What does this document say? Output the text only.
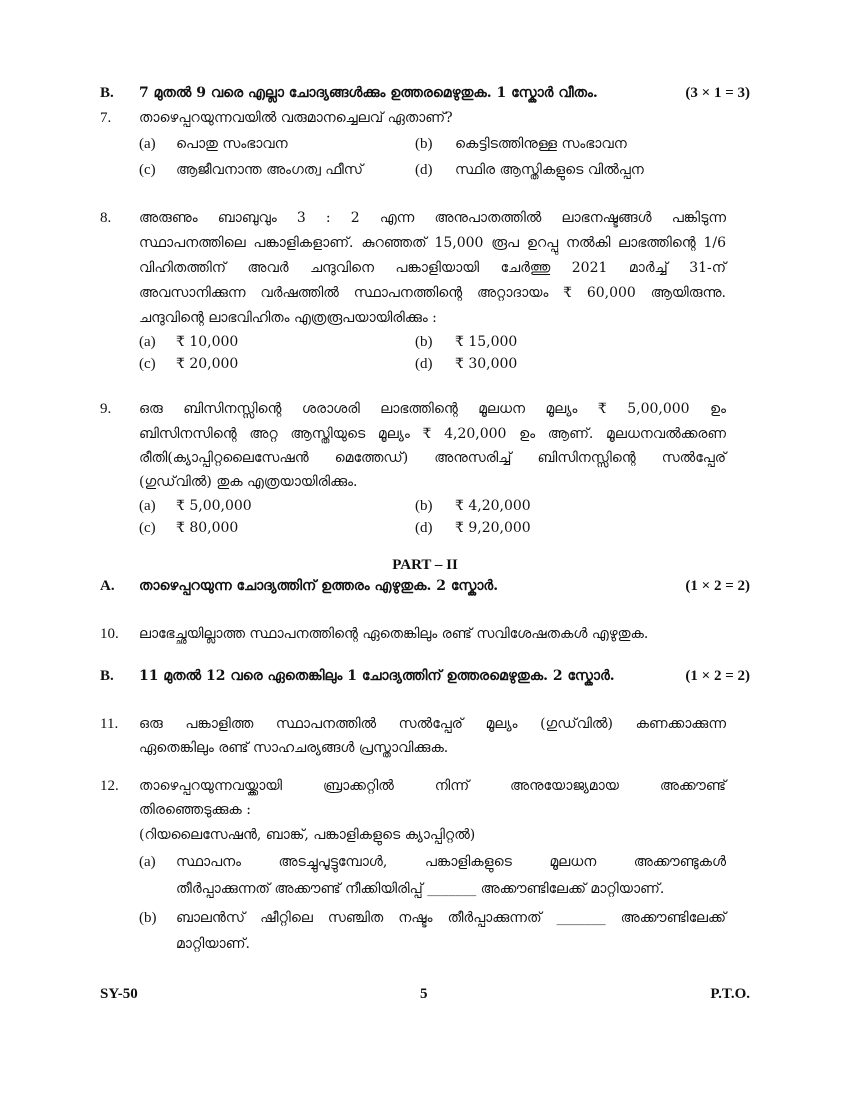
B. 7 മുതൽ 9 വരെ എല്ലാ ചോദ്യങ്ങൾക്കും ഉത്തരമെഴുതുക. 1 സ്കോർ വീതം.	(3 × 1 = 3)
7. താഴെപ്പറയുന്നവയിൽ വരുമാനച്ചെലവ് ഏതാണ്?
(a) പൊതു സംഭാവന	(b) കെട്ടിടത്തിനുള്ള സംഭാവന
(c) ആജീവനാന്ത അംഗത്വ ഫീസ്	(d) സ്ഥിര ആസ്തികളുടെ വിൽപ്പന
8. അരുണും ബാബുവും 3 : 2 എന്ന അനുപാതത്തിൽ ലാഭനഷ്ടങ്ങൾ പങ്കിടുന്ന
സ്ഥാപനത്തിലെ പങ്കാളികളാണ്. കുറഞ്ഞത് 15,000 രൂപ ഉറപ്പു നൽകി ലാഭത്തിന്റെ 1/6
വിഹിതത്തിന് അവർ ചന്ദുവിനെ പങ്കാളിയായി ചേർത്തു 2021 മാർച്ച് 31-ന്
അവസാനിക്കുന്ന വർഷത്തിൽ സ്ഥാപനത്തിന്റെ അറ്റാദായം ₹ 60,000 ആയിരുന്നു.
ചന്ദുവിന്റെ ലാഭവിഹിതം എത്രരൂപയായിരിക്കും :
(a) ₹ 10,000	(b) ₹ 15,000
(c) ₹ 20,000	(d) ₹ 30,000
9. ഒരു ബിസിനസ്സിന്റെ ശരാശരി ലാഭത്തിന്റെ മൂലധന മൂല്യം ₹ 5,00,000 ഉം
ബിസിനസിന്റെ അറ്റ ആസ്തിയുടെ മൂല്യം ₹ 4,20,000 ഉം ആണ്. മൂലധനവൽക്കരണ
രീതി(ക്യാപ്പിറ്റലൈസേഷൻ മെത്തേഡ്) അനുസരിച്ച് ബിസിനസ്സിന്റെ സൽപ്പേര്
(ഗുഡ്‌വിൽ) തുക എത്രയായിരിക്കും.
(a) ₹ 5,00,000	(b) ₹ 4,20,000
(c) ₹ 80,000	(d) ₹ 9,20,000
PART – II
A. താഴെപ്പറയുന്ന ചോദ്യത്തിന് ഉത്തരം എഴുതുക. 2 സ്കോർ.	(1 × 2 = 2)
10. ലാഭേച്ഛയില്ലാത്ത സ്ഥാപനത്തിന്റെ ഏതെങ്കിലും രണ്ട് സവിശേഷതകൾ എഴുതുക.
B. 11 മുതൽ 12 വരെ ഏതെങ്കിലും 1 ചോദ്യത്തിന് ഉത്തരമെഴുതുക. 2 സ്കോർ.	(1 × 2 = 2)
11. ഒരു പങ്കാളിത്ത സ്ഥാപനത്തിൽ സൽപ്പേര് മൂല്യം (ഗുഡ്‌വിൽ) കണക്കാക്കുന്ന
ഏതെങ്കിലും രണ്ട് സാഹചര്യങ്ങൾ പ്രസ്താവിക്കുക.
12. താഴെപ്പറയുന്നവയ്ക്കായി ബ്രാക്കറ്റിൽ നിന്ന് അനുയോജ്യമായ അക്കൗണ്ട്
തിരഞ്ഞെടുക്കുക :
(റിയലൈസേഷൻ, ബാങ്ക്, പങ്കാളികളുടെ ക്യാപ്പിറ്റൽ)
(a) സ്ഥാപനം അടച്ചുപൂട്ടുമ്പോൾ, പങ്കാളികളുടെ മൂലധന അക്കൗണ്ടുകൾ
തീർപ്പാക്കുന്നത് അക്കൗണ്ട് നീക്കിയിരിപ്പ് _______ അക്കൗണ്ടിലേക്ക് മാറ്റിയാണ്.
(b) ബാലൻസ് ഷീറ്റിലെ സഞ്ചിത നഷ്ടം തീർപ്പാക്കുന്നത് _______ അക്കൗണ്ടിലേക്ക്
മാറ്റിയാണ്.
SY-50	5	P.T.O.
